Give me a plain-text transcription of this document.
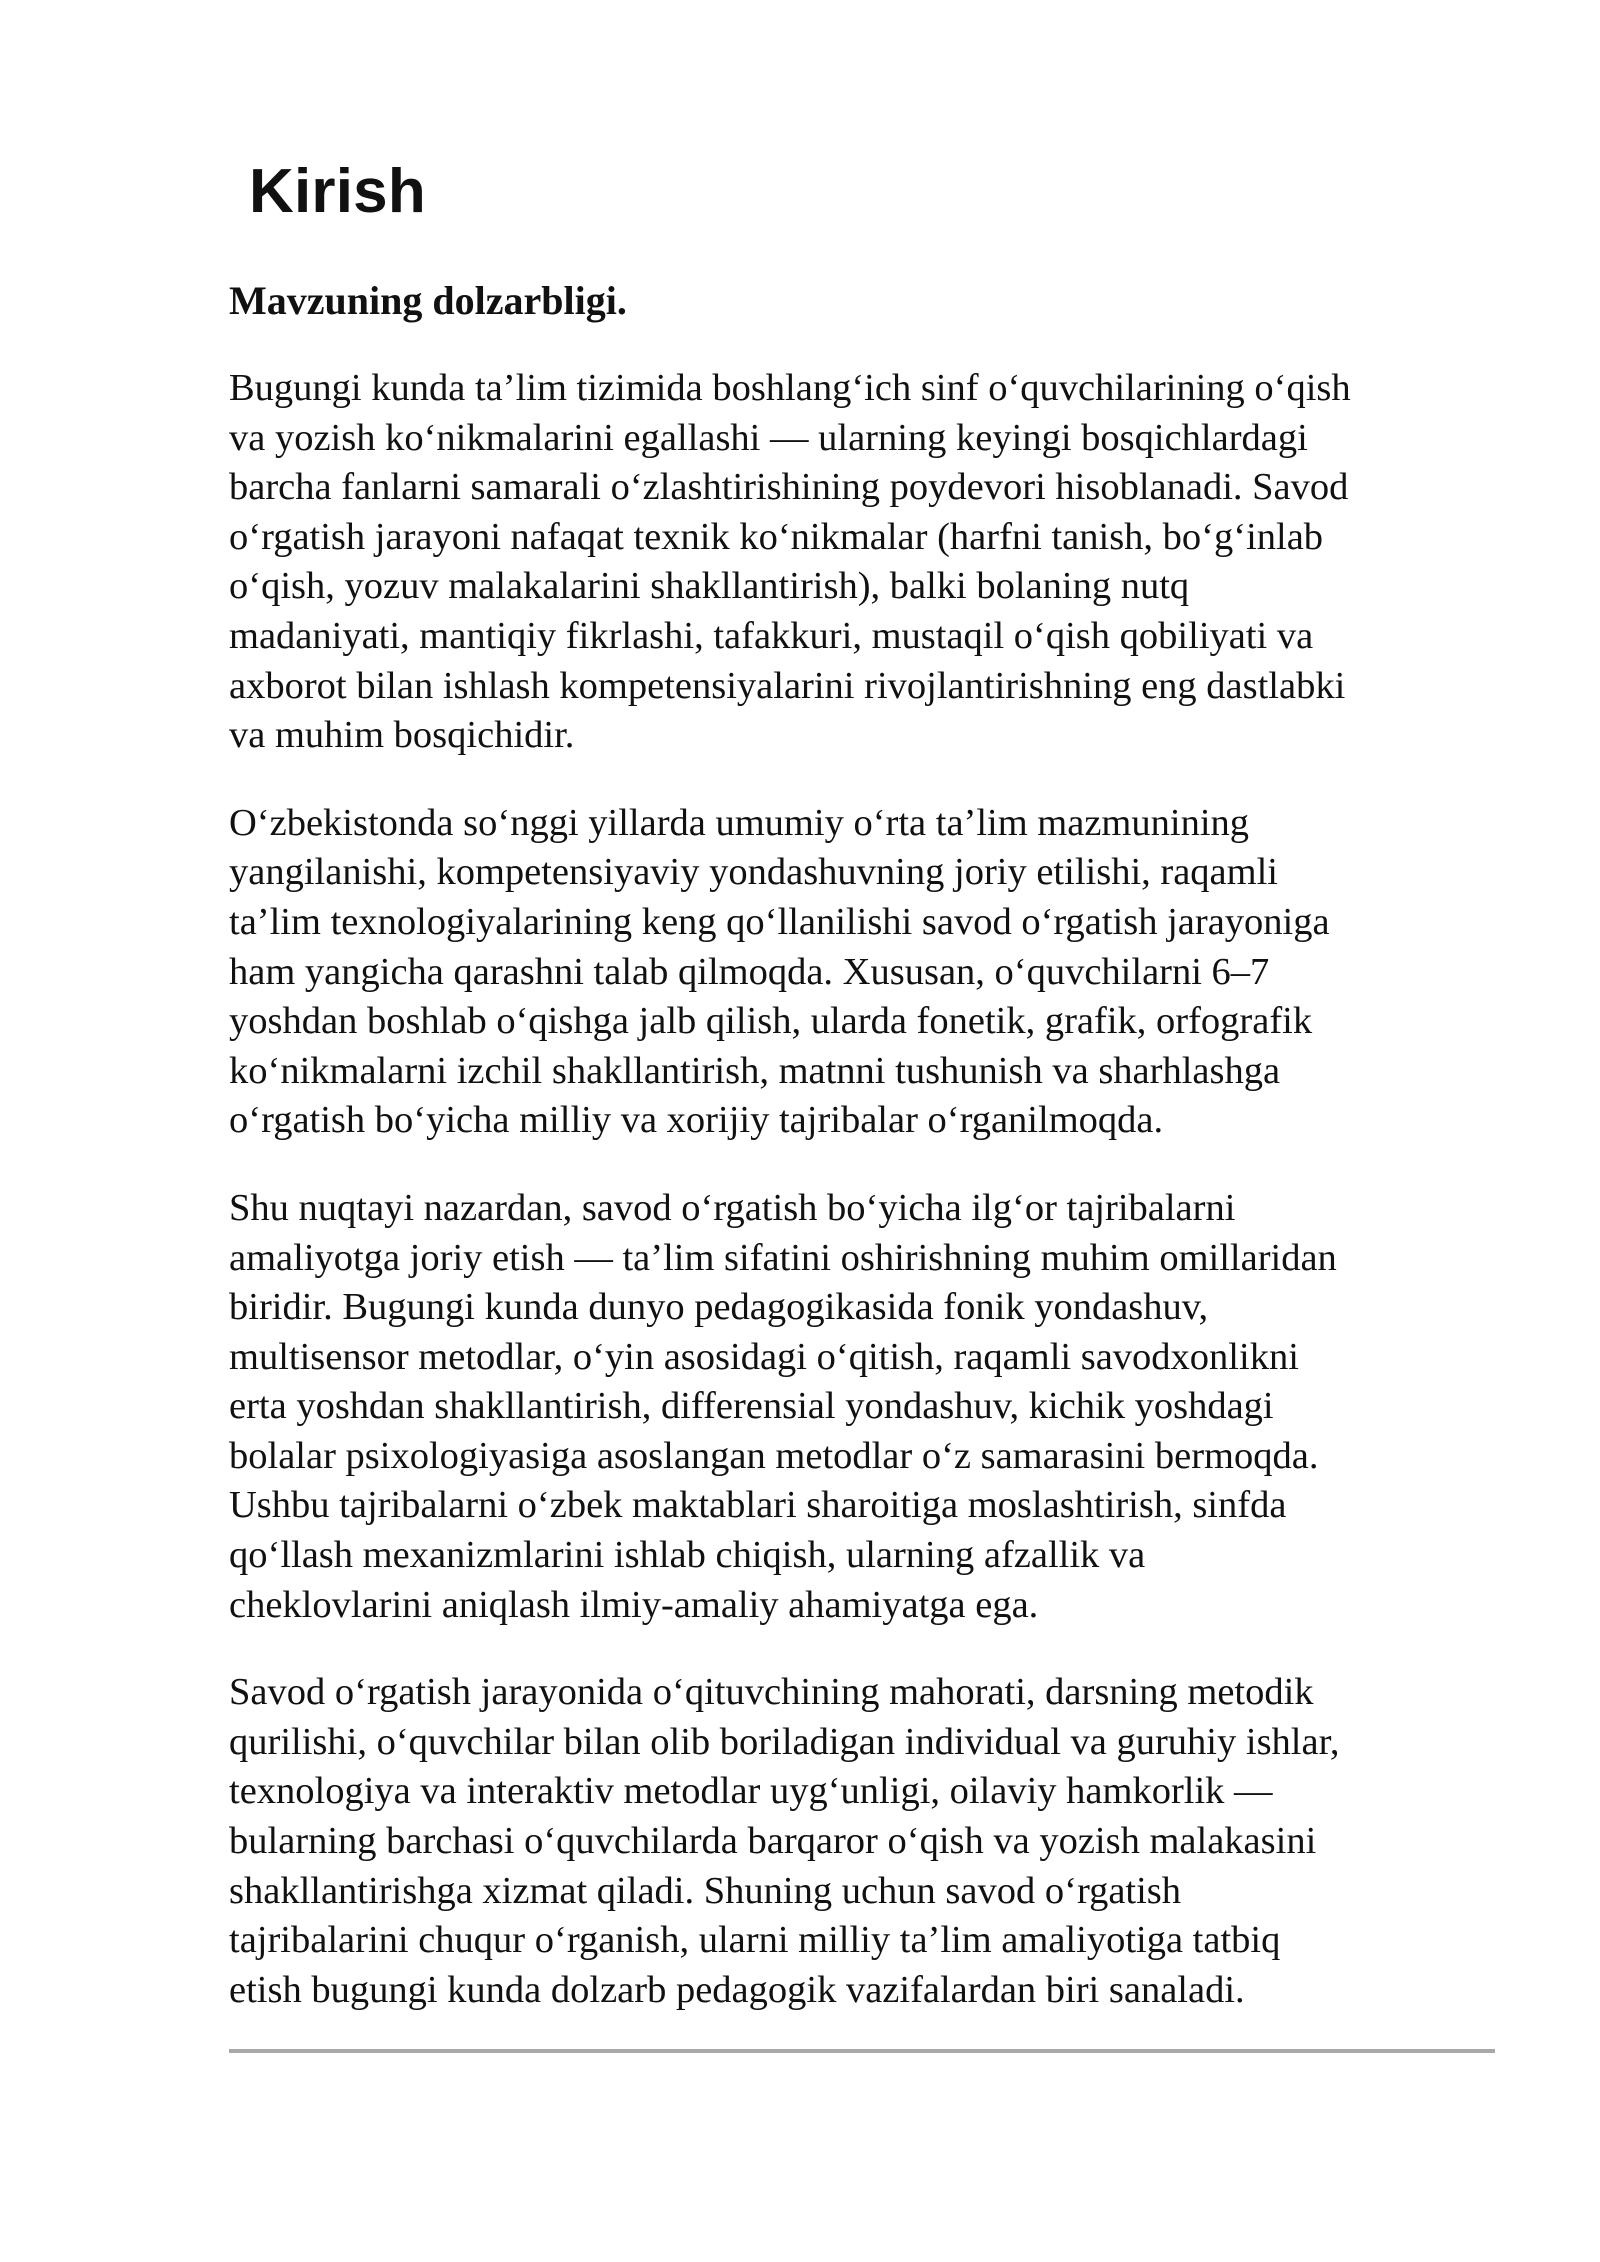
Kirish
Mavzuning dolzarbligi.

Bugungi kunda ta’lim tizimida boshlang‘ich sinf o‘quvchilarining o‘qish
va yozish ko‘nikmalarini egallashi — ularning keyingi bosqichlardagi
barcha fanlarni samarali o‘zlashtirishining poydevori hisoblanadi. Savod
o‘rgatish jarayoni nafaqat texnik ko‘nikmalar (harfni tanish, bo‘g‘inlab
o‘qish, yozuv malakalarini shakllantirish), balki bolaning nutq
madaniyati, mantiqiy fikrlashi, tafakkuri, mustaqil o‘qish qobiliyati va
axborot bilan ishlash kompetensiyalarini rivojlantirishning eng dastlabki
va muhim bosqichidir.

O‘zbekistonda so‘nggi yillarda umumiy o‘rta ta’lim mazmunining
yangilanishi, kompetensiyaviy yondashuvning joriy etilishi, raqamli
ta’lim texnologiyalarining keng qo‘llanilishi savod o‘rgatish jarayoniga
ham yangicha qarashni talab qilmoqda. Xususan, o‘quvchilarni 6–7
yoshdan boshlab o‘qishga jalb qilish, ularda fonetik, grafik, orfografik
ko‘nikmalarni izchil shakllantirish, matnni tushunish va sharhlashga
o‘rgatish bo‘yicha milliy va xorijiy tajribalar o‘rganilmoqda.

Shu nuqtayi nazardan, savod o‘rgatish bo‘yicha ilg‘or tajribalarni
amaliyotga joriy etish — ta’lim sifatini oshirishning muhim omillaridan
biridir. Bugungi kunda dunyo pedagogikasida fonik yondashuv,
multisensor metodlar, o‘yin asosidagi o‘qitish, raqamli savodxonlikni
erta yoshdan shakllantirish, differensial yondashuv, kichik yoshdagi
bolalar psixologiyasiga asoslangan metodlar o‘z samarasini bermoqda.
Ushbu tajribalarni o‘zbek maktablari sharoitiga moslashtirish, sinfda
qo‘llash mexanizmlarini ishlab chiqish, ularning afzallik va
cheklovlarini aniqlash ilmiy-amaliy ahamiyatga ega.

Savod o‘rgatish jarayonida o‘qituvchining mahorati, darsning metodik
qurilishi, o‘quvchilar bilan olib boriladigan individual va guruhiy ishlar,
texnologiya va interaktiv metodlar uyg‘unligi, oilaviy hamkorlik —
bularning barchasi o‘quvchilarda barqaror o‘qish va yozish malakasini
shakllantirishga xizmat qiladi. Shuning uchun savod o‘rgatish
tajribalarini chuqur o‘rganish, ularni milliy ta’lim amaliyotiga tatbiq
etish bugungi kunda dolzarb pedagogik vazifalardan biri sanaladi.
